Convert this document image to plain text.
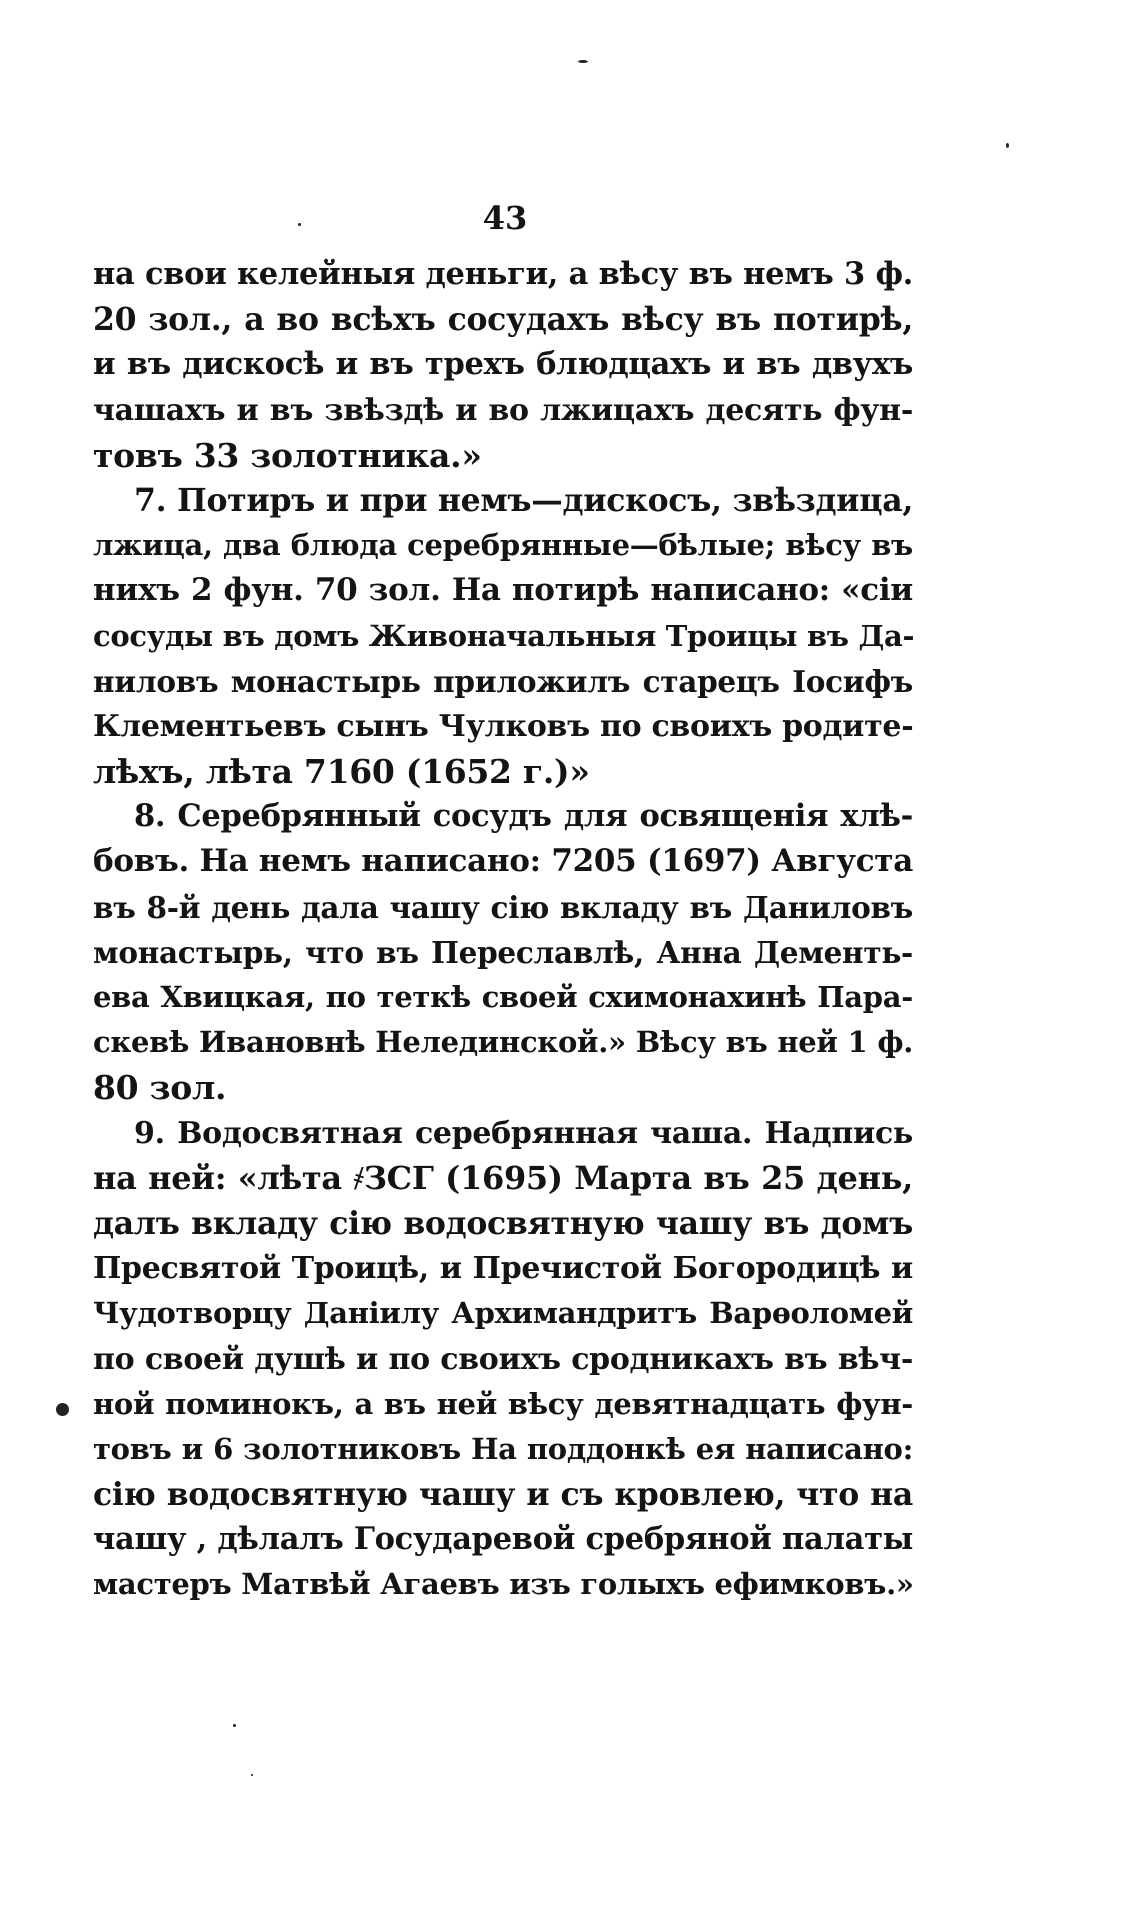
43
на свои келейныя деньги, а вѣсу въ немъ 3 ф.
20 зол., а во всѣхъ сосудахъ вѣсу въ потирѣ,
и въ дискосѣ и въ трехъ блюдцахъ и въ двухъ
чашахъ и въ звѣздѣ и во лжицахъ десять фун-
товъ 33 золотника.»
7. Потиръ и при немъ—дискосъ, звѣздица,
лжица, два блюда серебрянные—бѣлые; вѣсу въ
нихъ 2 фун. 70 зол. На потирѣ написано: «сіи
сосуды въ домъ Живоначальныя Троицы въ Да-
ниловъ монастырь приложилъ старецъ Іосифъ
Клементьевъ сынъ Чулковъ по своихъ родите-
лѣхъ, лѣта 7160 (1652 г.)»
8. Серебрянный сосудъ для освященія хлѣ-
бовъ. На немъ написано: 7205 (1697) Августа
въ 8-й день дала чашу сію вкладу въ Даниловъ
монастырь, что въ Переславлѣ, Анна Дементь-
ева Хвицкая, по теткѣ своей схимонахинѣ Пара-
скевѣ Ивановнѣ Нелединской.» Вѣсу въ ней 1 ф.
80 зол.
9. Водосвятная серебрянная чаша. Надпись
на ней: «лѣта ҂ЗСГ (1695) Марта въ 25 день,
далъ вкладу сію водосвятную чашу въ домъ
Пресвятой Троицѣ, и Пречистой Богородицѣ и
Чудотворцу Даніилу Архимандритъ Варѳоломей
по своей душѣ и по своихъ сродникахъ въ вѣч-
ной поминокъ, а въ ней вѣсу девятнадцать фун-
товъ и 6 золотниковъ На поддонкѣ ея написано:
сію водосвятную чашу и съ кровлею, что на
чашу , дѣлалъ Государевой сребряной палаты
мастеръ Матвѣй Агаевъ изъ голыхъ ефимковъ.»
